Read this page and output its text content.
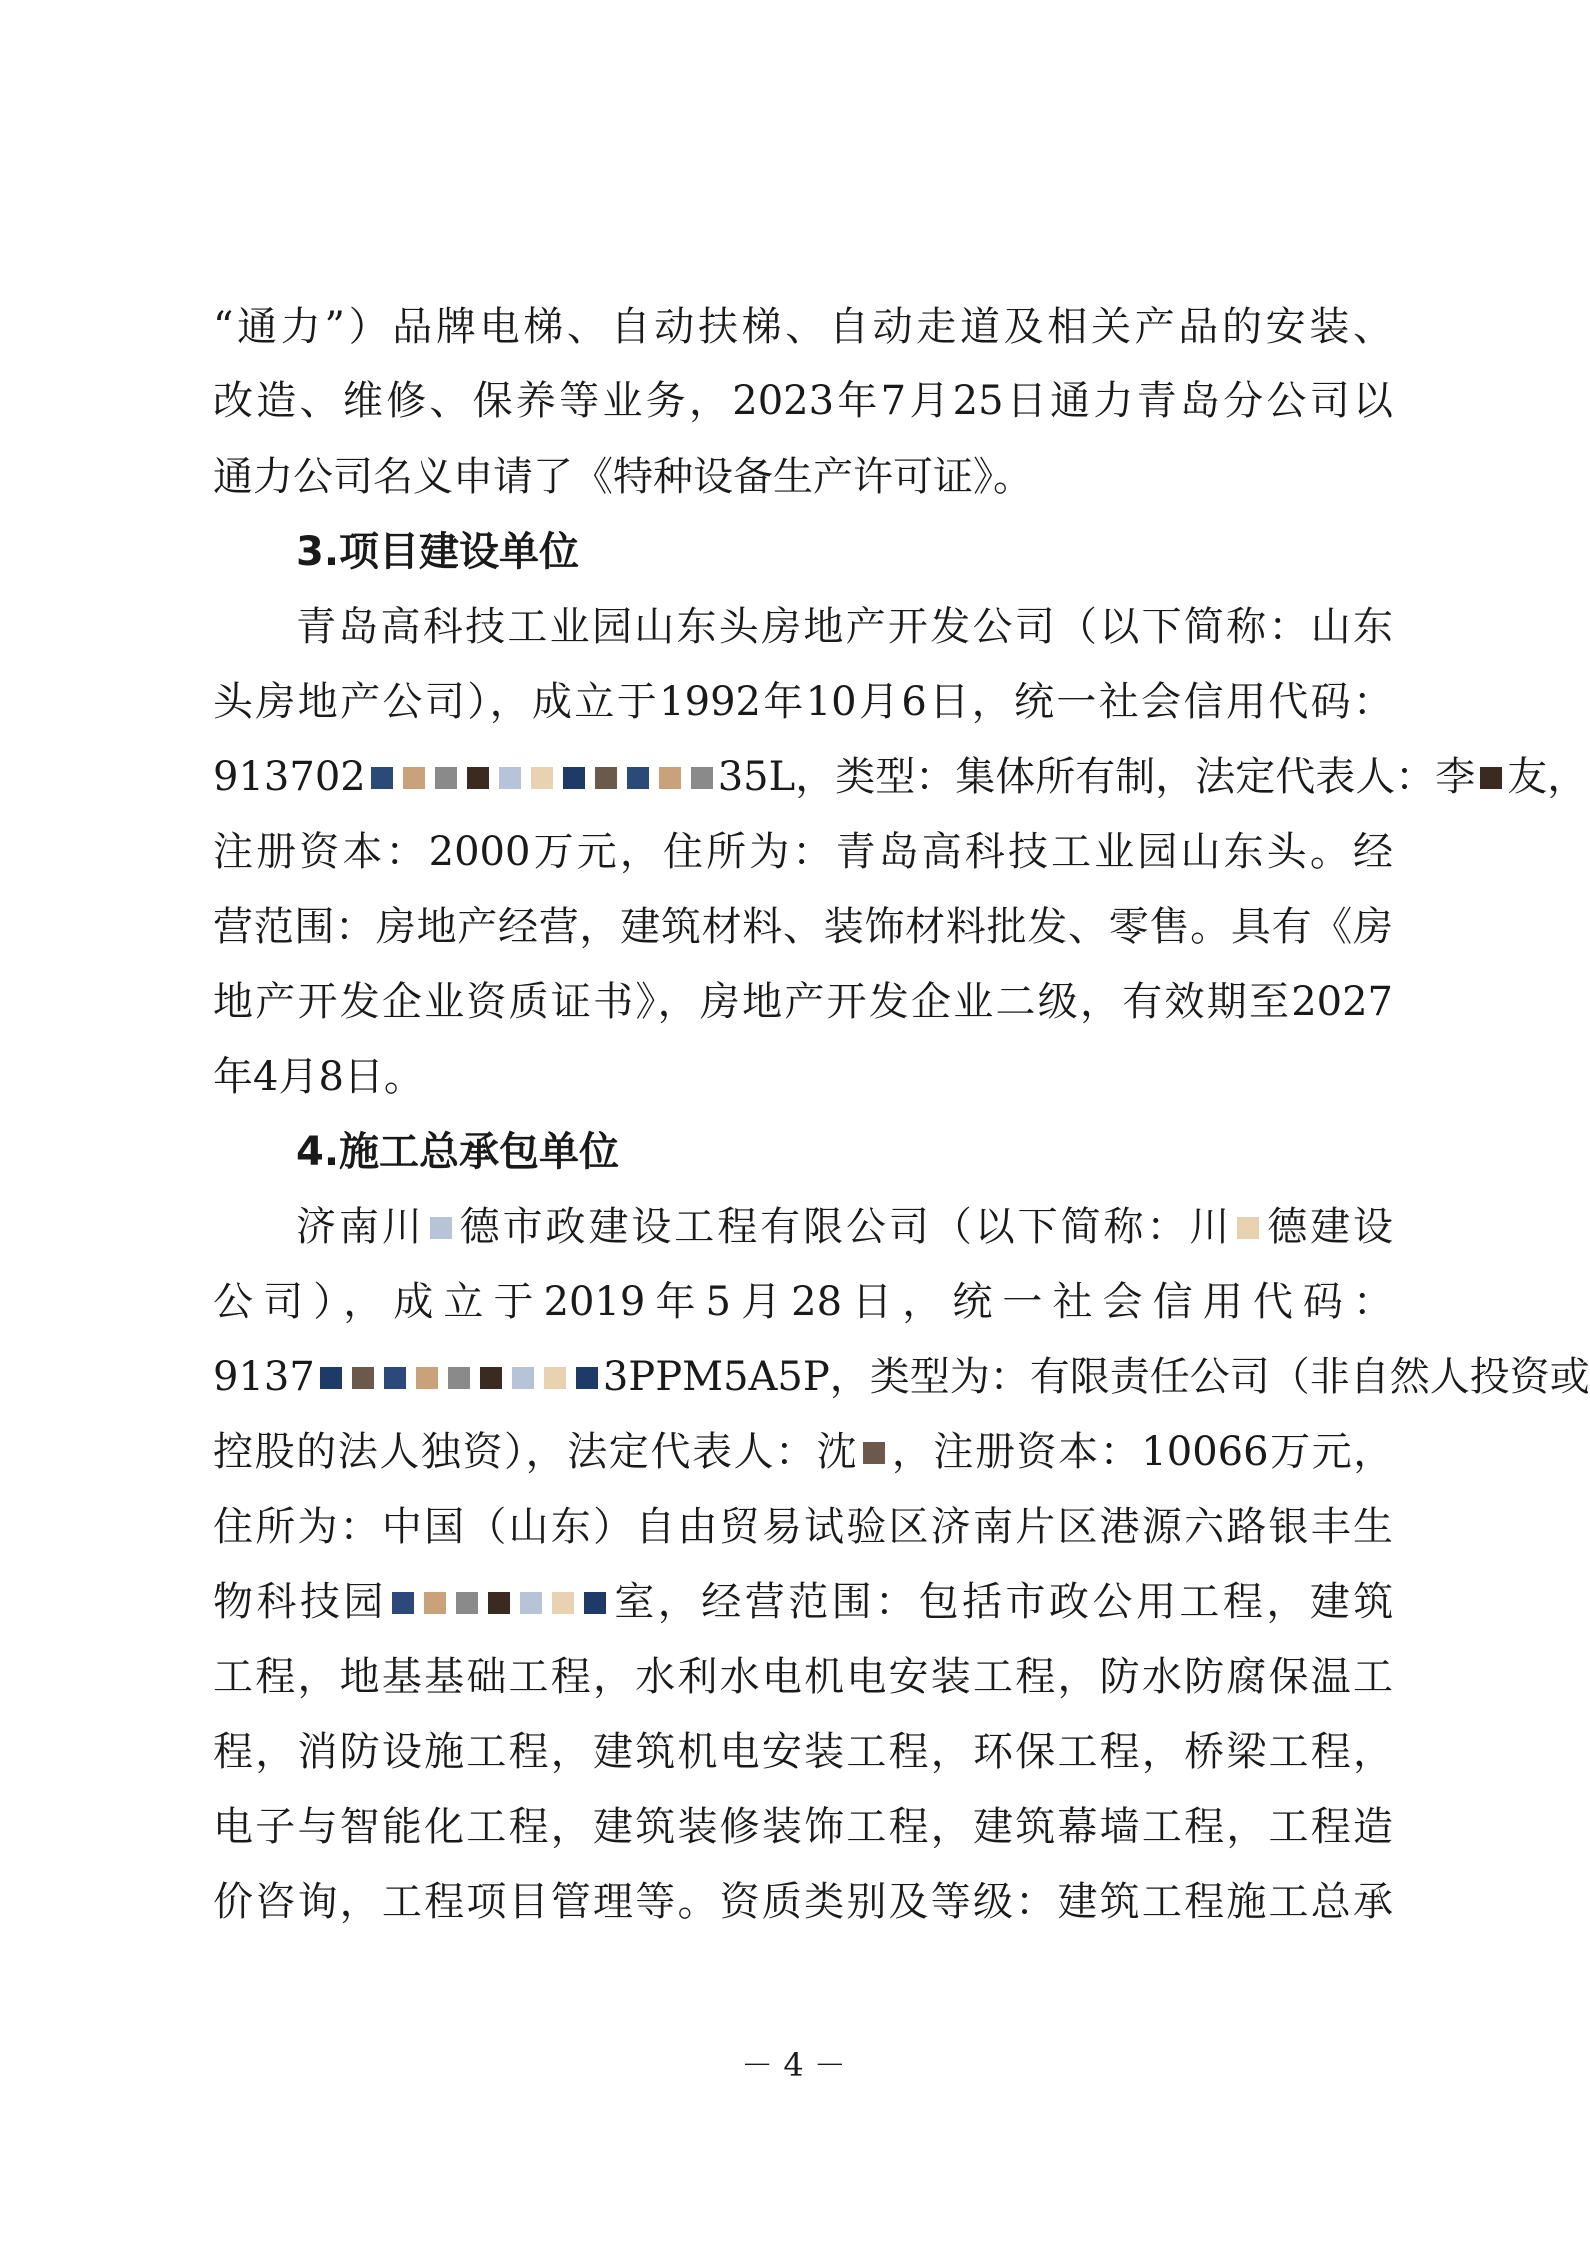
“通力”）品牌电梯、自动扶梯、自动走道及相关产品的安装、
改造、维修、保养等业务，2023年7月25日通力青岛分公司以
通力公司名义申请了《特种设备生产许可证》。
3.项目建设单位
青岛高科技工业园山东头房地产开发公司（以下简称：山东
头房地产公司），成立于1992年10月6日，统一社会信用代码：
913702	35L，类型：集体所有制，法定代表人：李 友，
注册资本：2000万元，住所为：青岛高科技工业园山东头。经
营范围：房地产经营，建筑材料、装饰材料批发、零售。具有《房
地产开发企业资质证书》，房地产开发企业二级，有效期至2027
年4月8日。
4.施工总承包单位
济南川 德市政建设工程有限公司（以下简称：川 德建设
公司），成立于2019年5月28日，统一社会信用代码：
9137	3PPM5A5P，类型为：有限责任公司（非自然人投资或
控股的法人独资），法定代表人：沈 ，注册资本：10066万元，
住所为：中国（山东）自由贸易试验区济南片区港源六路银丰生
物科技园	室，经营范围：包括市政公用工程，建筑
工程，地基基础工程，水利水电机电安装工程，防水防腐保温工
程，消防设施工程，建筑机电安装工程，环保工程，桥梁工程，
电子与智能化工程，建筑装修装饰工程，建筑幕墙工程，工程造
价咨询，工程项目管理等。资质类别及等级：建筑工程施工总承
－ 4 －
